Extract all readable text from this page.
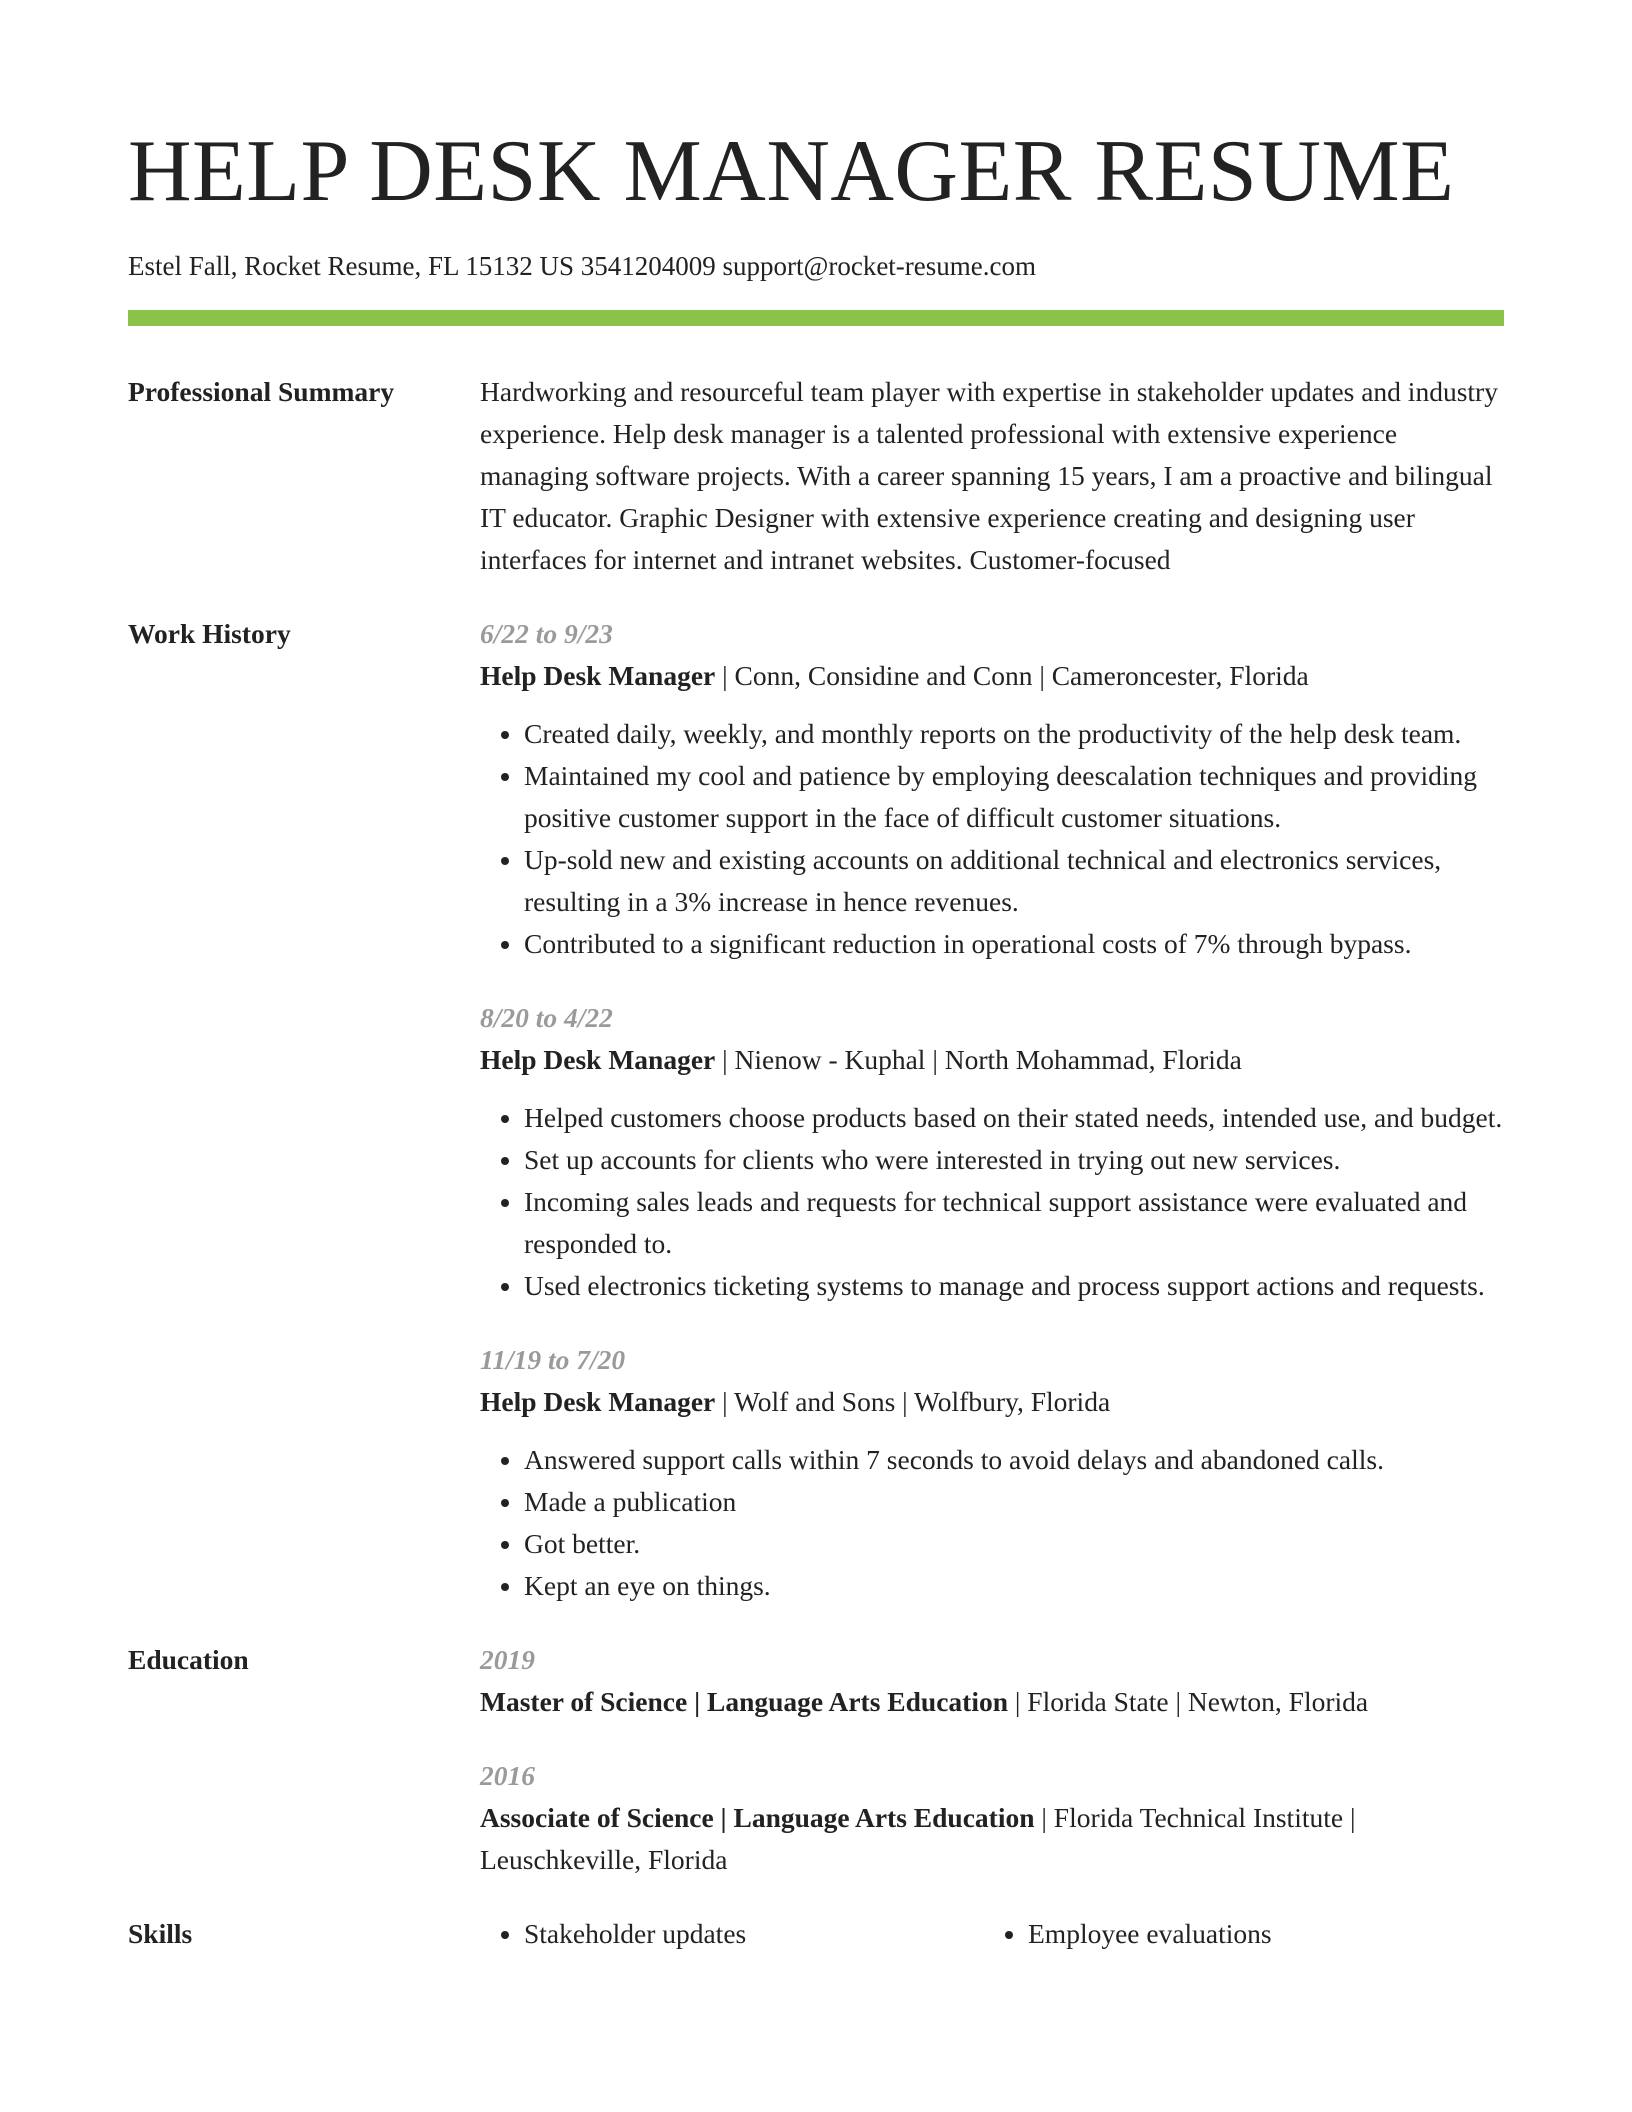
HELP DESK MANAGER RESUME
Estel Fall, Rocket Resume, FL 15132 US 3541204009 support@rocket-resume.com
Professional Summary	Hardworking and resourceful team player with expertise in stakeholder updates and industry experience. Help desk manager is a talented professional with extensive experience managing software projects. With a career spanning 15 years, I am a proactive and bilingual IT educator. Graphic Designer with extensive experience creating and designing user interfaces for internet and intranet websites. Customer-focused
Work History	6/22 to 9/23
Help Desk Manager | Conn, Considine and Conn | Cameroncester, Florida
• Created daily, weekly, and monthly reports on the productivity of the help desk team.
• Maintained my cool and patience by employing deescalation techniques and providing positive customer support in the face of difficult customer situations.
• Up-sold new and existing accounts on additional technical and electronics services, resulting in a 3% increase in hence revenues.
• Contributed to a significant reduction in operational costs of 7% through bypass.
8/20 to 4/22
Help Desk Manager | Nienow - Kuphal | North Mohammad, Florida
• Helped customers choose products based on their stated needs, intended use, and budget.
• Set up accounts for clients who were interested in trying out new services.
• Incoming sales leads and requests for technical support assistance were evaluated and responded to.
• Used electronics ticketing systems to manage and process support actions and requests.
11/19 to 7/20
Help Desk Manager | Wolf and Sons | Wolfbury, Florida
• Answered support calls within 7 seconds to avoid delays and abandoned calls.
• Made a publication
• Got better.
• Kept an eye on things.
Education	2019
Master of Science | Language Arts Education | Florida State | Newton, Florida
2016
Associate of Science | Language Arts Education | Florida Technical Institute | Leuschkeville, Florida
Skills	• Stakeholder updates	• Employee evaluations
